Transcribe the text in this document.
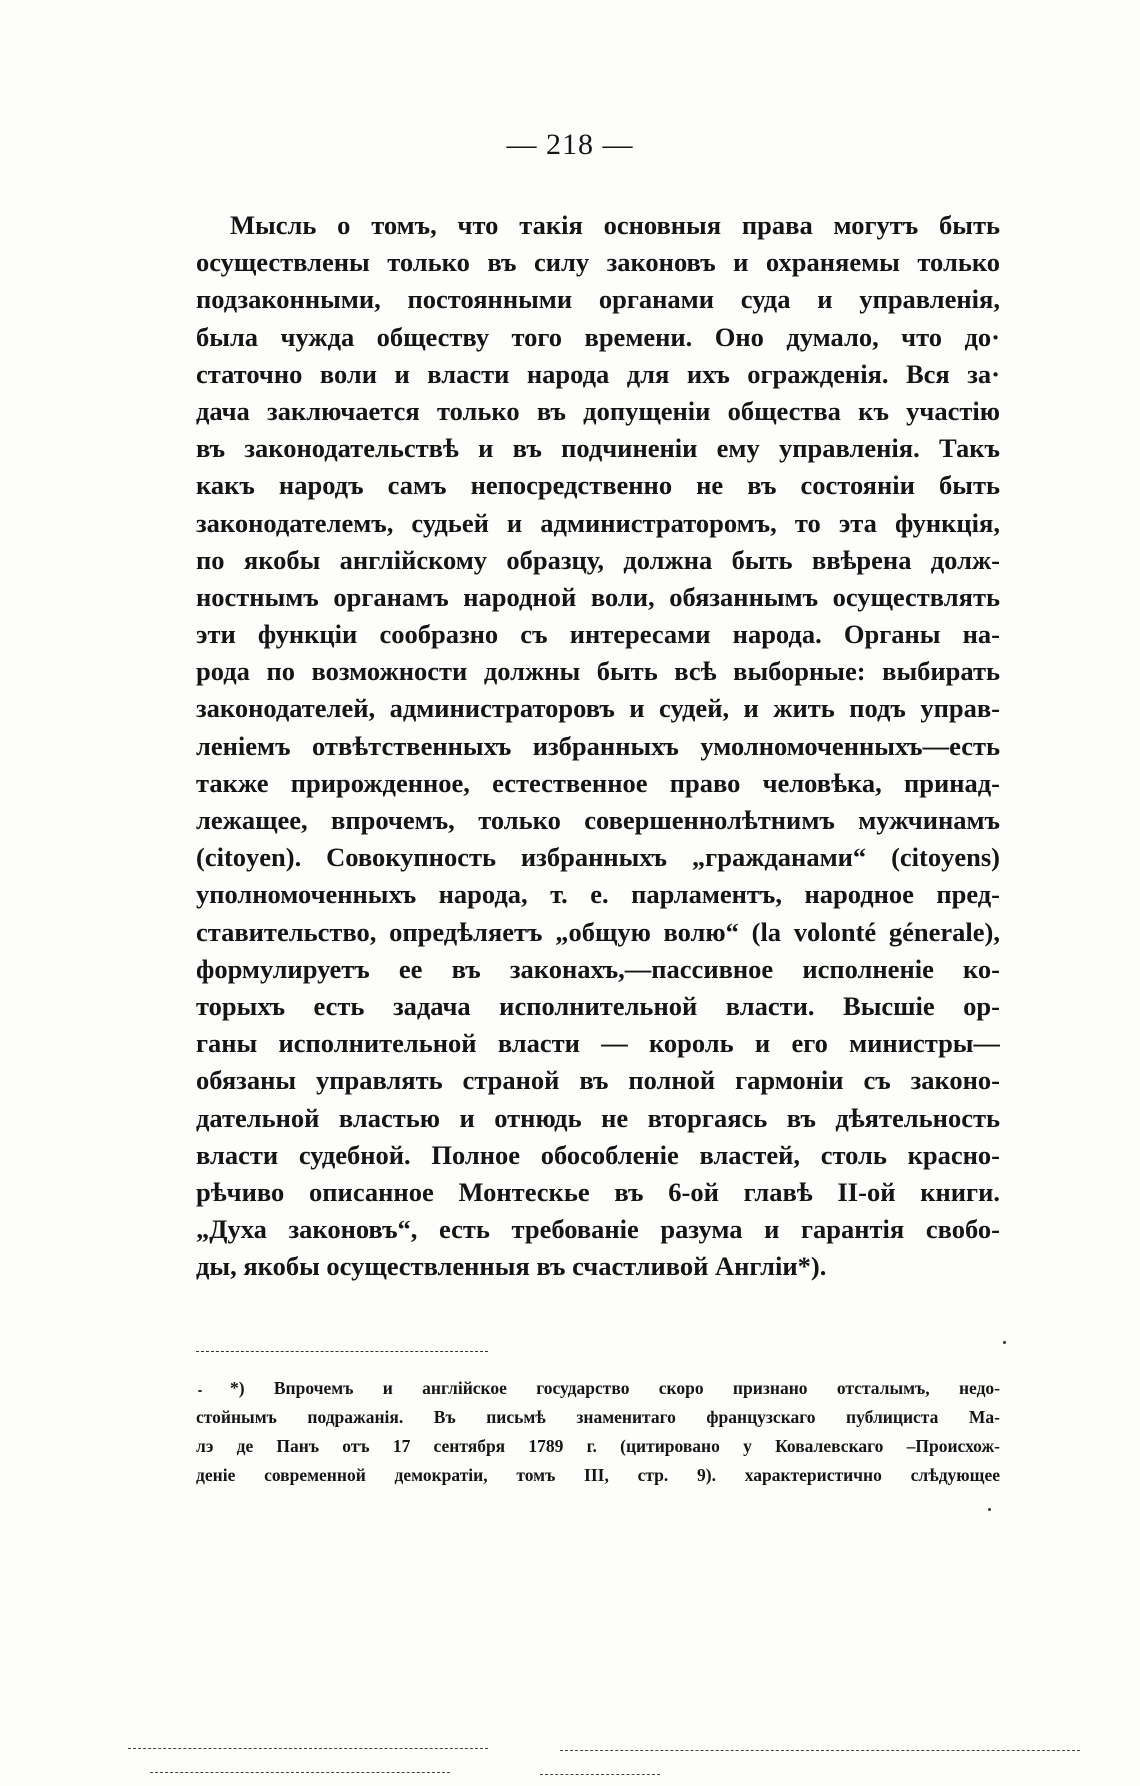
— 218 —
Мысль о томъ, что такія основныя права могутъ быть
осуществлены только въ силу законовъ и охраняемы только
подзаконными, постоянными органами суда и управленія,
была чужда обществу того времени. Оно думало, что до·
статочно воли и власти народа для ихъ огражденія. Вся за·
дача заключается только въ допущеніи общества къ участію
въ законодательствѣ и въ подчиненіи ему управленія. Такъ
какъ народъ самъ непосредственно не въ состояніи быть
законодателемъ, судьей и администраторомъ, то эта функція,
по якобы англійскому образцу, должна быть ввѣрена долж-
ностнымъ органамъ народной воли, обязаннымъ осуществлять
эти функціи сообразно съ интересами народа. Органы на-
рода по возможности должны быть всѣ выборные: выбирать
законодателей, администраторовъ и судей, и жить подъ управ-
леніемъ отвѣтственныхъ избранныхъ умолномоченныхъ—есть
также прирожденное, естественное право человѣка, принад-
лежащее, впрочемъ, только совершеннолѣтнимъ мужчинамъ
(citoyen). Совокупность избранныхъ „гражданами“ (citoyens)
уполномоченныхъ народа, т. е. парламентъ, народное пред-
ставительство, опредѣляетъ „общую волю“ (la volonté génerale),
формулируетъ ее въ законахъ,—пассивное исполненіе ко-
торыхъ есть задача исполнительной власти. Высшіе ор-
ганы исполнительной власти — король и его министры—
обязаны управлять страной въ полной гармоніи съ законо-
дательной властью и отнюдь не вторгаясь въ дѣятельность
власти судебной. Полное обособленіе властей, столь красно-
рѣчиво описанное Монтескье въ 6-ой главѣ II-ой книги.
„Духа законовъ“, есть требованіе разума и гарантія свобо-
ды, якобы осуществленныя въ счастливой Англіи*).
*) Впрочемъ и англійское государство скоро признано отсталымъ, недо-
стойнымъ подражанія. Въ письмѣ знаменитаго французскаго публициста Ма-
лэ де Панъ отъ 17 сентября 1789 г. (цитировано у Ковалевскаго –Происхож-
деніе современной демократіи, томъ III, стр. 9). характеристично слѣдующее
